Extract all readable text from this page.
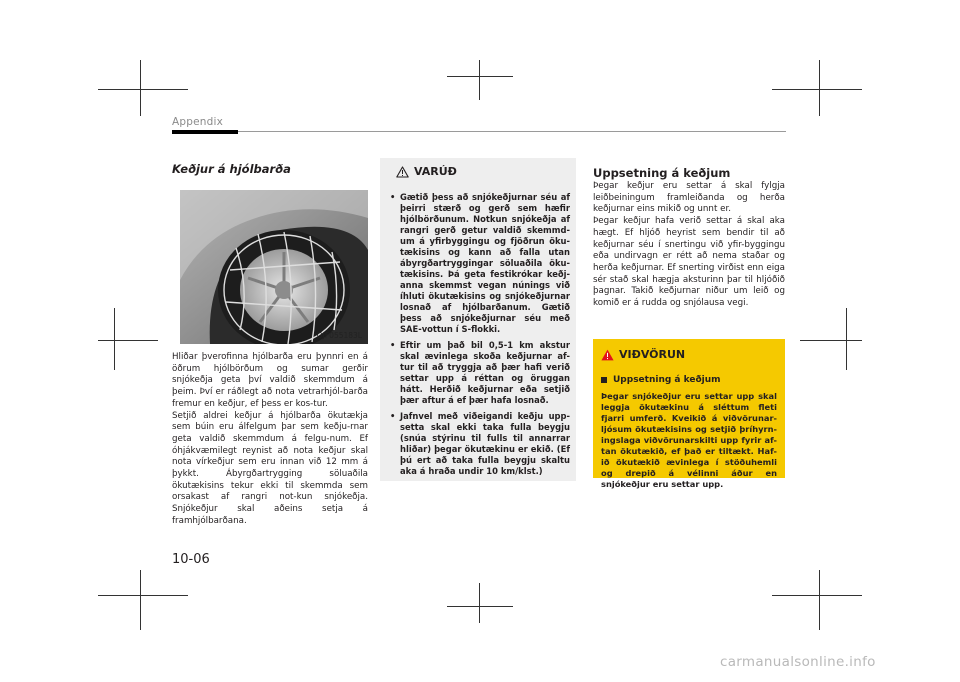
Appendix
Keðjur á hjólbarða
OJF055183L

Hliðar þverofinna hjólbarða eru þynnri en á öðrum hjólbörðum og sumar gerðir snjókeðja geta því valdið skemmdum á þeim. Því er ráðlegt að nota vetrarhjól-barða fremur en keðjur, ef þess er kos-tur.

Setjið aldrei keðjur á hjólbarða ökutækja sem búin eru álfelgum þar sem keðju-rnar geta valdið skemmdum á felgu-num. Ef óhjákvæmilegt reynist að nota keðjur skal nota vírkeðjur sem eru innan við 12 mm á þykkt. Ábyrgðartrygging söluaðila ökutækisins tekur ekki til skemmda sem orsakast af rangri not-kun snjókeðja. Snjókeðjur skal aðeins setja á framhjólbarðana.

10-06
VARÚÐ
• Gætið þess að snjókeðjurnar séu af þeirri stærð og gerð sem hæfir hjólbörðunum. Notkun snjókeðja af rangri gerð getur valdið skemmd-um á yfirbyggingu og fjöðrun öku-tækisins og kann að falla utan ábyrgðartryggingar söluaðila öku-tækisins. Þá geta festikrókar keðj-anna skemmst vegan núnings við íhluti ökutækisins og snjókeðjurnar losnað af hjólbarðanum. Gætið þess að snjókeðjurnar séu með SAE-vottun í S-flokki.
• Eftir um það bil 0,5-1 km akstur skal ævinlega skoða keðjurnar af-tur til að tryggja að þær hafi verið settar upp á réttan og öruggan hátt. Herðið keðjurnar eða setjið þær aftur á ef þær hafa losnað.
• Jafnvel með viðeigandi keðju upp-setta skal ekki taka fulla beygju (snúa stýrinu til fulls til annarrar hliðar) þegar ökutækinu er ekið. (Ef þú ert að taka fulla beygju skaltu aka á hraða undir 10 km/klst.)
Uppsetning á keðjum

Þegar keðjur eru settar á skal fylgja leiðbeiningum framleiðanda og herða keðjurnar eins mikið og unnt er.

Þegar keðjur hafa verið settar á skal aka hægt. Ef hljóð heyrist sem bendir til að keðjurnar séu í snertingu við yfir-byggingu eða undirvagn er rétt að nema staðar og herða keðjurnar. Ef snerting virðist enn eiga sér stað skal hægja aksturinn þar til hljóðið þagnar. Takið keðjurnar niður um leið og komið er á rudda og snjólausa vegi.

VIÐVÖRUN
Uppsetning á keðjum

Þegar snjókeðjur eru settar upp skal leggja ökutækinu á sléttum fleti fjarri umferð. Kveikið á viðvörunar-ljósum ökutækisins og setjið þríhyrn-ingslaga viðvörunarskilti upp fyrir af-tan ökutækið, ef það er tiltækt. Haf-ið ökutækið ævinlega í stöðuhemli og drepið á vélinni áður en snjókeðjur eru settar upp.

carmanualsonline.info
